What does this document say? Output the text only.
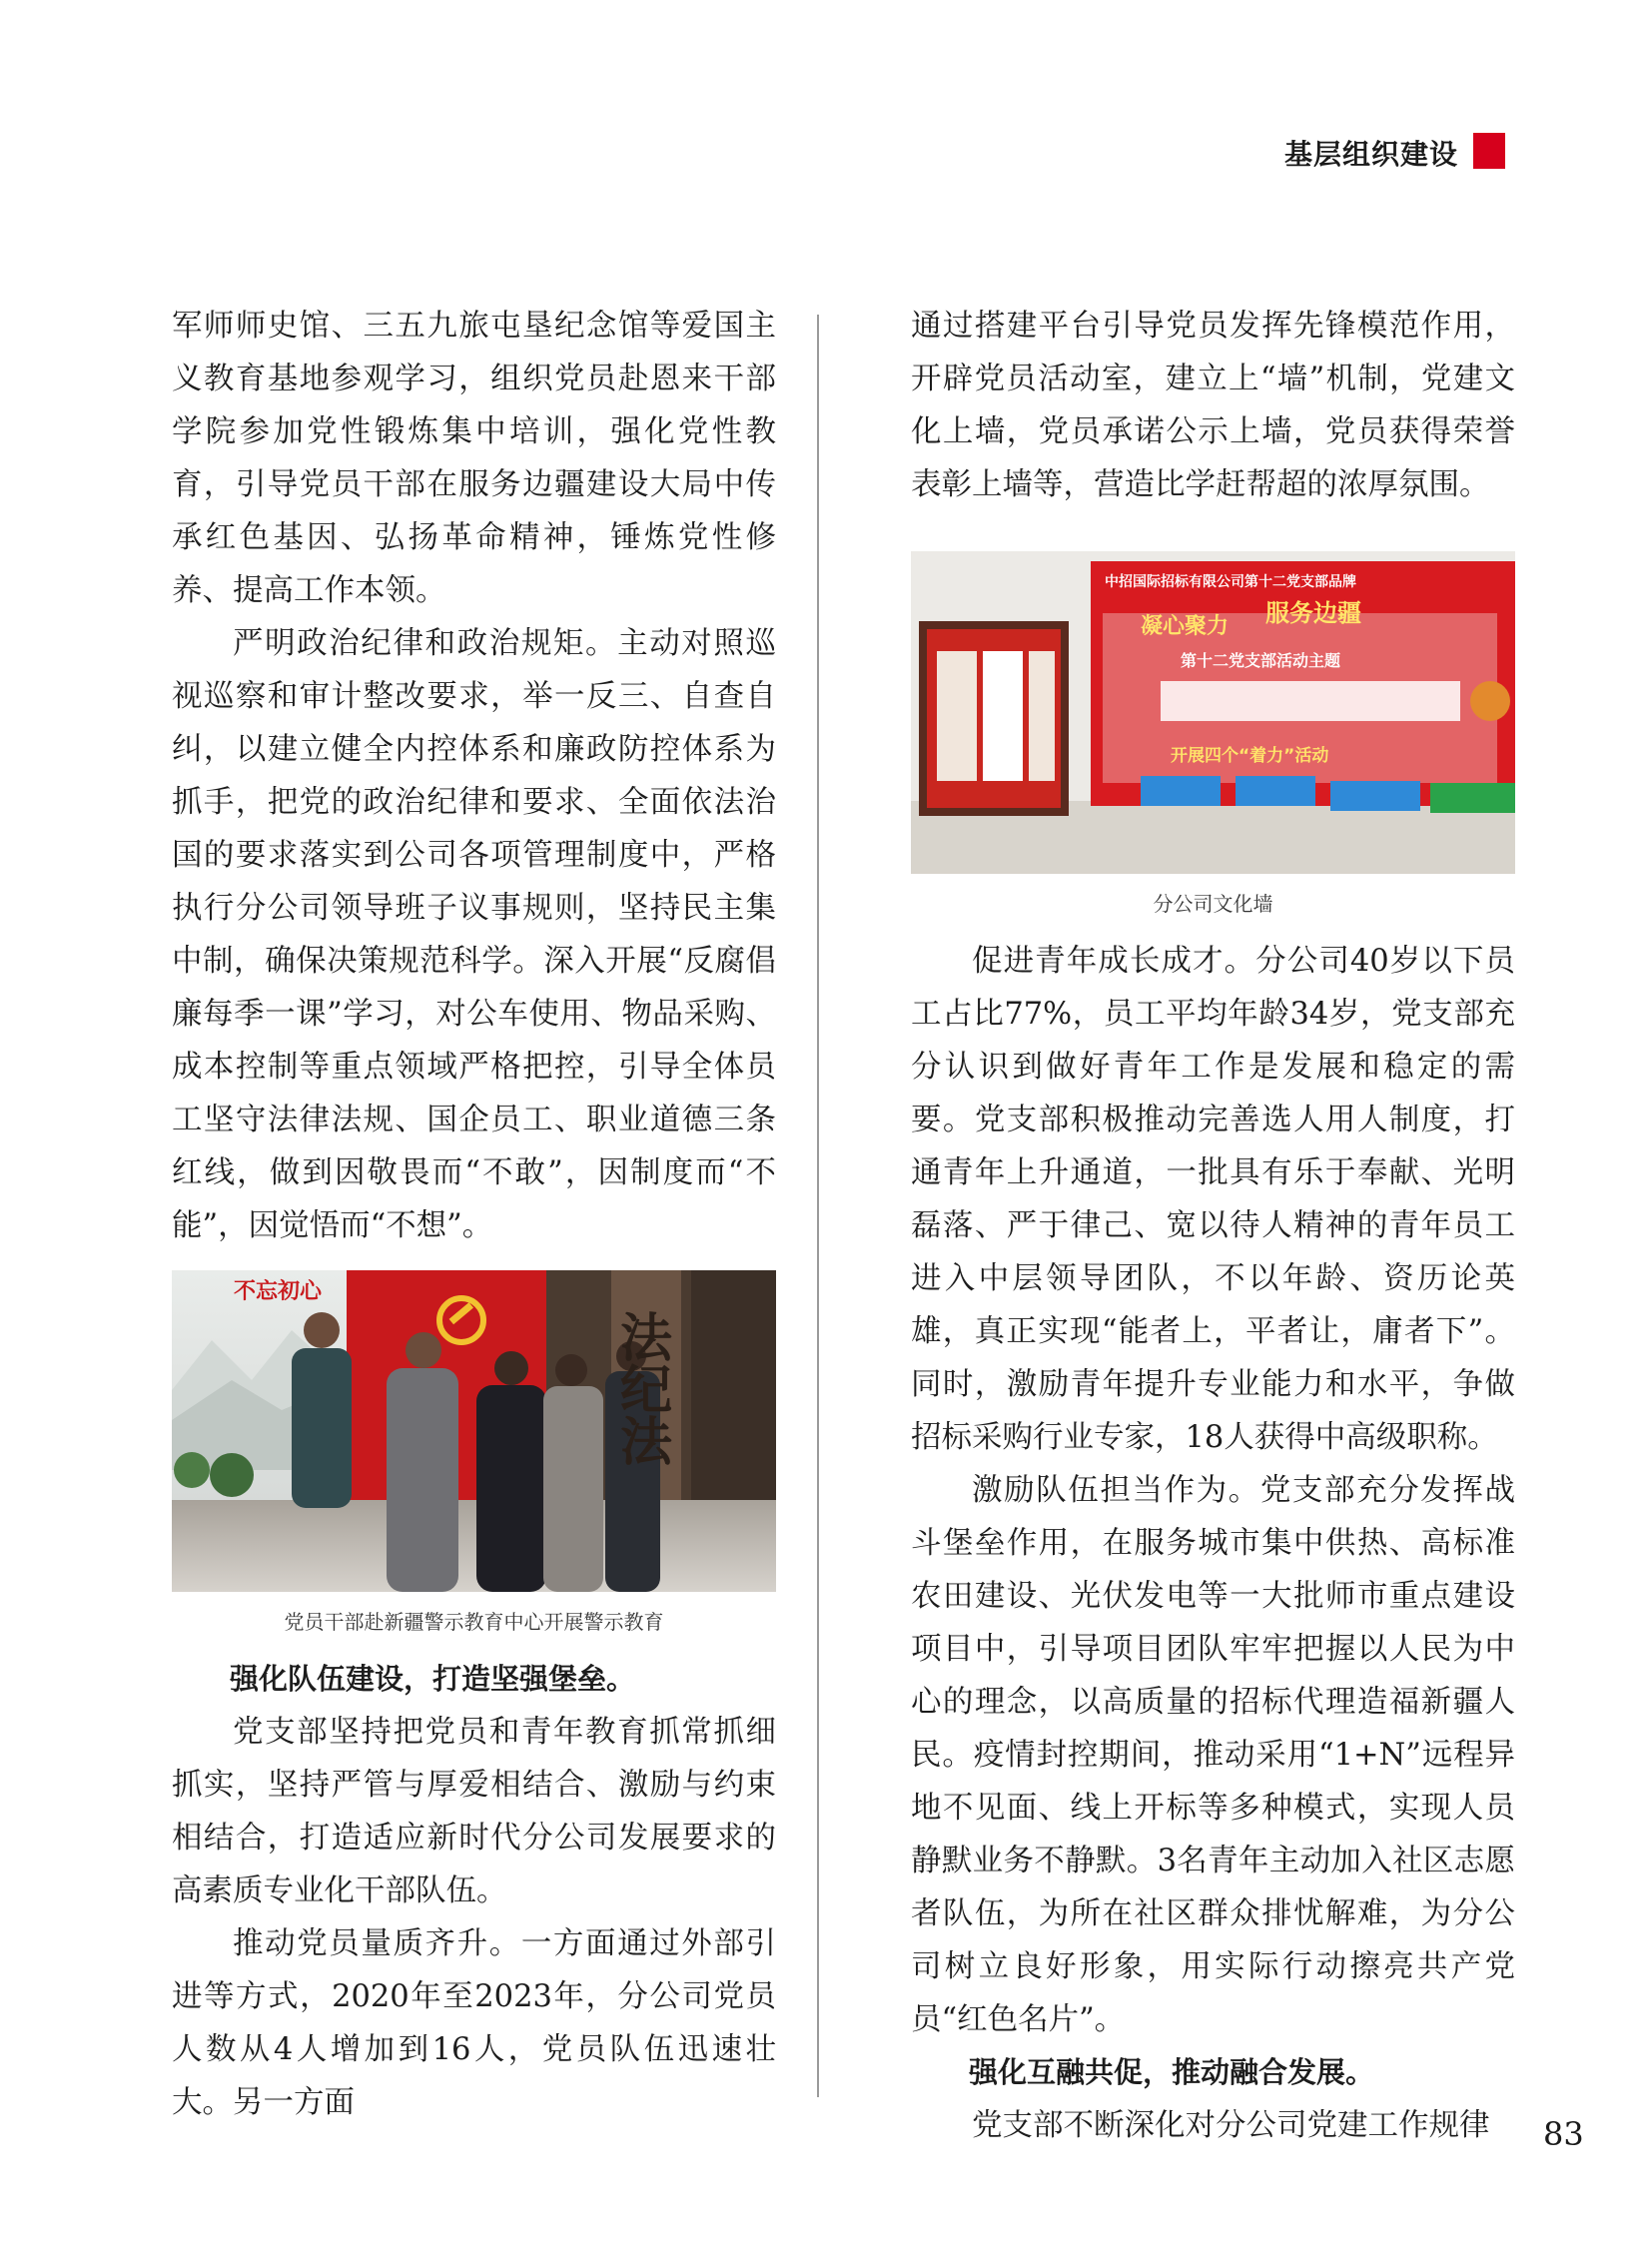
基层组织建设

军师师史馆、三五九旅屯垦纪念馆等爱国主义教育基地参观学习，组织党员赴恩来干部学院参加党性锻炼集中培训，强化党性教育，引导党员干部在服务边疆建设大局中传承红色基因、弘扬革命精神，锤炼党性修养、提高工作本领。

严明政治纪律和政治规矩。主动对照巡视巡察和审计整改要求，举一反三、自查自纠，以建立健全内控体系和廉政防控体系为抓手，把党的政治纪律和要求、全面依法治国的要求落实到公司各项管理制度中，严格执行分公司领导班子议事规则，坚持民主集中制，确保决策规范科学。深入开展“反腐倡廉每季一课”学习，对公车使用、物品采购、成本控制等重点领域严格把控，引导全体员工坚守法律法规、国企员工、职业道德三条红线，做到因敬畏而“不敢”，因制度而“不能”，因觉悟而“不想”。

不忘初心
法纪法
党员干部赴新疆警示教育中心开展警示教育

强化队伍建设，打造坚强堡垒。

党支部坚持把党员和青年教育抓常抓细抓实，坚持严管与厚爱相结合、激励与约束相结合，打造适应新时代分公司发展要求的高素质专业化干部队伍。

推动党员量质齐升。一方面通过外部引进等方式，2020年至2023年，分公司党员人数从4人增加到16人，党员队伍迅速壮大。另一方面

通过搭建平台引导党员发挥先锋模范作用，开辟党员活动室，建立上“墙”机制，党建文化上墙，党员承诺公示上墙，党员获得荣誉表彰上墙等，营造比学赶帮超的浓厚氛围。

中招国际招标有限公司第十二党支部品牌
凝心聚力 服务边疆
第十二党支部活动主题
开展四个“着力”活动
分公司文化墙

促进青年成长成才。分公司40岁以下员工占比77%，员工平均年龄34岁，党支部充分认识到做好青年工作是发展和稳定的需要。党支部积极推动完善选人用人制度，打通青年上升通道，一批具有乐于奉献、光明磊落、严于律己、宽以待人精神的青年员工进入中层领导团队，不以年龄、资历论英雄，真正实现“能者上，平者让，庸者下”。同时，激励青年提升专业能力和水平，争做招标采购行业专家，18人获得中高级职称。

激励队伍担当作为。党支部充分发挥战斗堡垒作用，在服务城市集中供热、高标准农田建设、光伏发电等一大批师市重点建设项目中，引导项目团队牢牢把握以人民为中心的理念，以高质量的招标代理造福新疆人民。疫情封控期间，推动采用“1+N”远程异地不见面、线上开标等多种模式，实现人员静默业务不静默。3名青年主动加入社区志愿者队伍，为所在社区群众排忧解难，为分公司树立良好形象，用实际行动擦亮共产党员“红色名片”。

强化互融共促，推动融合发展。

党支部不断深化对分公司党建工作规律	83
